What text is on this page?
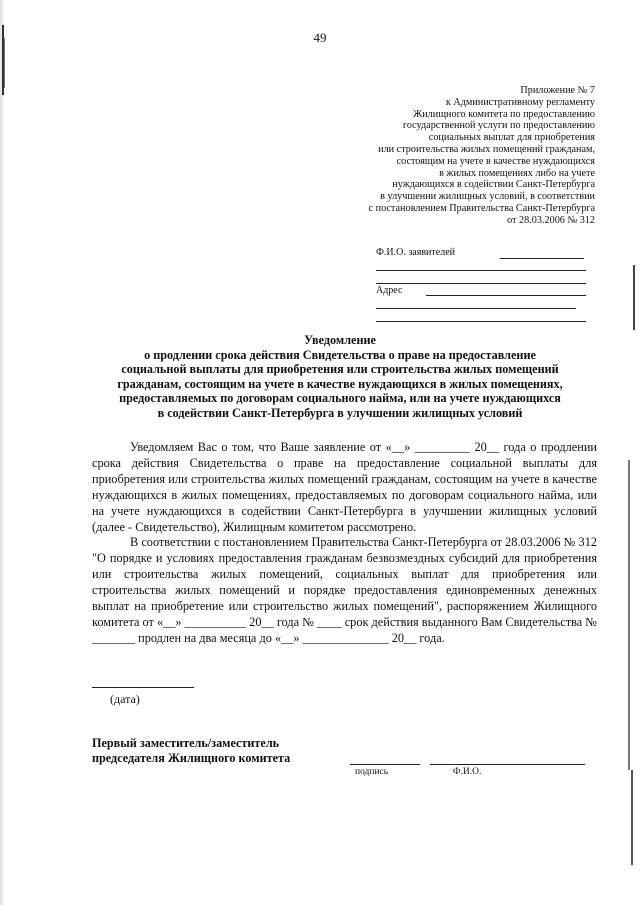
49
Приложение № 7
к Административному регламенту
Жилищного комитета по предоставлению
государственной услуги по предоставлению
социальных выплат для приобретения
или строительства жилых помещений гражданам,
состоящим на учете в качестве нуждающихся
в жилых помещениях либо на учете
нуждающихся в содействии Санкт-Петербурга
в улучшении жилищных условий, в соответствии
с постановлением Правительства Санкт-Петербурга
от 28.03.2006 № 312
Ф.И.О. заявителей
Адрес
Уведомление
о продлении срока действия Свидетельства о праве на предоставление
социальной выплаты для приобретения или строительства жилых помещений
гражданам, состоящим на учете в качестве нуждающихся в жилых помещениях,
предоставляемых по договорам социального найма, или на учете нуждающихся
в содействии Санкт-Петербурга в улучшении жилищных условий

Уведомляем Вас о том, что Ваше заявление от «__» _________ 20__ года о продлении срока действия Свидетельства о праве на предоставление социальной выплаты для приобретения или строительства жилых помещений гражданам, состоящим на учете в качестве нуждающихся в жилых помещениях, предоставляемых по договорам социального найма, или на учете нуждающихся в содействии Санкт-Петербурга в улучшении жилищных условий (далее - Свидетельство), Жилищным комитетом рассмотрено.

В соответствии с постановлением Правительства Санкт-Петербурга от 28.03.2006 № 312 "О порядке и условиях предоставления гражданам безвозмездных субсидий для приобретения или строительства жилых помещений, социальных выплат для приобретения или строительства жилых помещений и порядке предоставления единовременных денежных выплат на приобретение или строительство жилых помещений", распоряжением Жилищного комитета от «__» __________ 20__ года № ____ срок действия выданного Вам Свидетельства № _______ продлен на два месяца до «__» ______________ 20__ года.

(дата)
Первый заместитель/заместитель
председателя Жилищного комитета
подпись	Ф.И.О.
